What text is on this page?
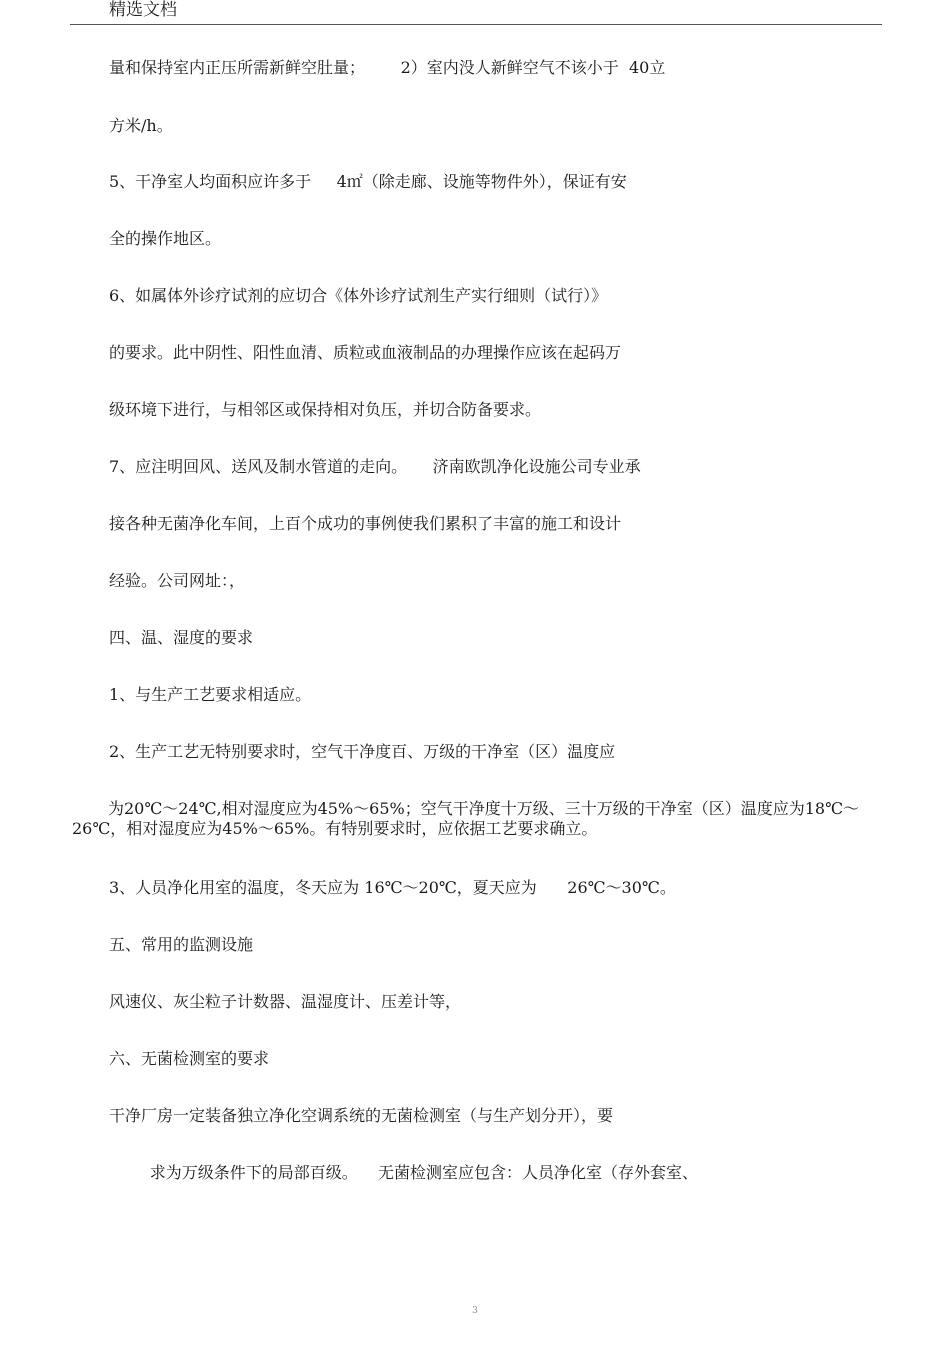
精选文档
量和保持室内正压所需新鲜空肚量；       2）室内没人新鲜空气不该小于  40立
方米/h。
5、干净室人均面积应许多于     4㎡（除走廊、设施等物件外），保证有安
全的操作地区。
6、如属体外诊疗试剂的应切合《体外诊疗试剂生产实行细则（试行）》
的要求。此中阴性、阳性血清、质粒或血液制品的办理操作应该在起码万
级环境下进行，与相邻区或保持相对负压，并切合防备要求。
7、应注明回风、送风及制水管道的走向。     济南欧凯净化设施公司专业承
接各种无菌净化车间，上百个成功的事例使我们累积了丰富的施工和设计
经验。公司网址：，
四、温、湿度的要求
1、与生产工艺要求相适应。
2、生产工艺无特别要求时，空气干净度百、万级的干净室（区）温度应
为20℃～24℃,相对湿度应为45%～65%；空气干净度十万级、三十万级的干净室（区）温度应为18℃～26℃，相对湿度应为45%～65%。有特别要求时，应依据工艺要求确立。
3、人员净化用室的温度，冬天应为 16℃～20℃，夏天应为      26℃～30℃。
五、常用的监测设施
风速仪、灰尘粒子计数器、温湿度计、压差计等，
六、无菌检测室的要求
干净厂房一定装备独立净化空调系统的无菌检测室（与生产划分开），要
求为万级条件下的局部百级。    无菌检测室应包含：人员净化室（存外套室、
3
